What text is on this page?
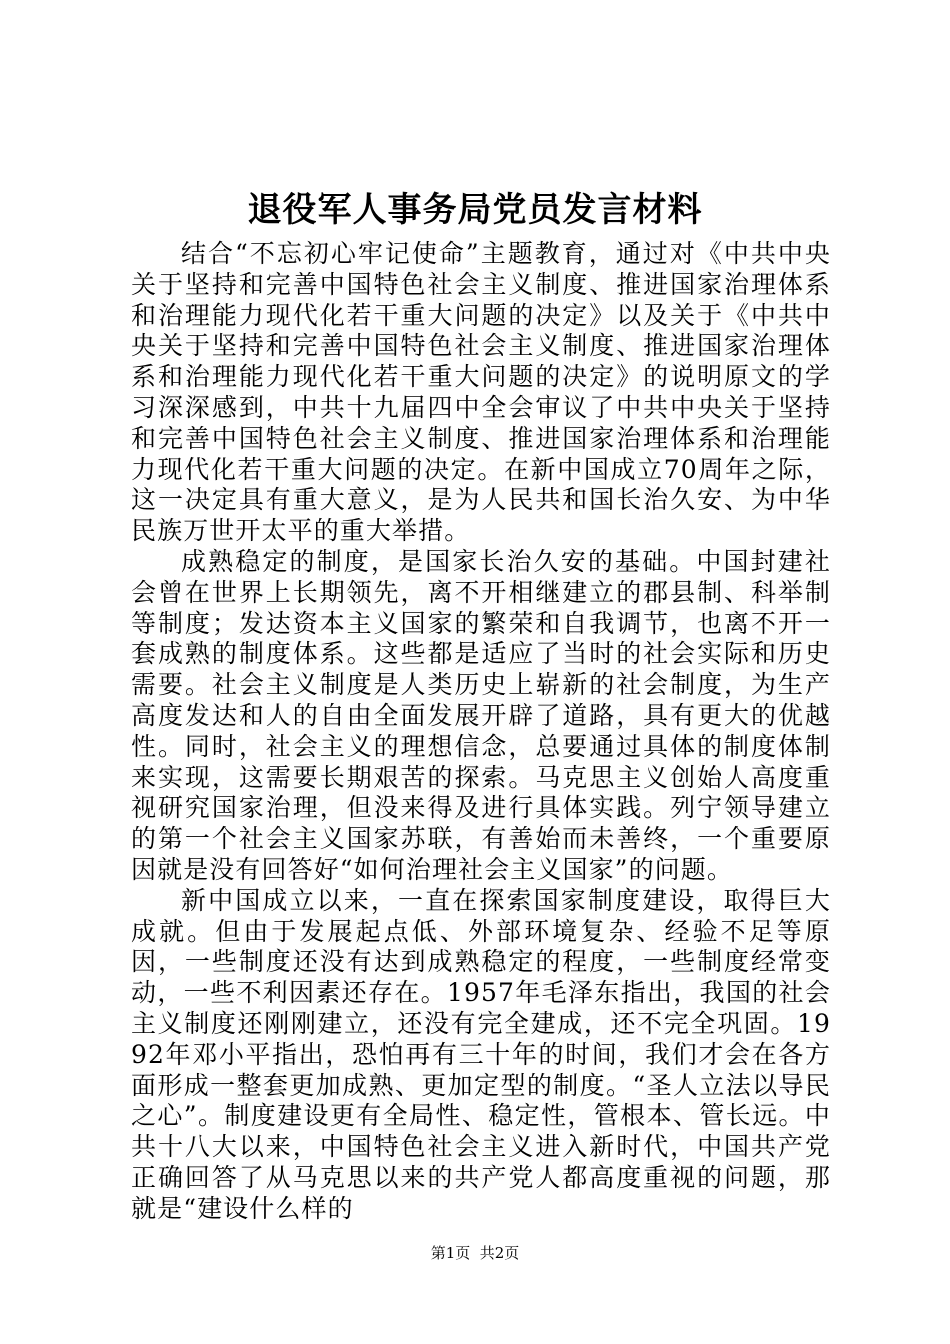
退役军人事务局党员发言材料

结合“不忘初心牢记使命”主题教育，通过对《中共中央关于坚持和完善中国特色社会主义制度、推进国家治理体系和治理能力现代化若干重大问题的决定》以及关于《中共中央关于坚持和完善中国特色社会主义制度、推进国家治理体系和治理能力现代化若干重大问题的决定》的说明原文的学习深深感到，中共十九届四中全会审议了中共中央关于坚持和完善中国特色社会主义制度、推进国家治理体系和治理能力现代化若干重大问题的决定。在新中国成立70周年之际，这一决定具有重大意义，是为人民共和国长治久安、为中华民族万世开太平的重大举措。

成熟稳定的制度，是国家长治久安的基础。中国封建社会曾在世界上长期领先，离不开相继建立的郡县制、科举制等制度；发达资本主义国家的繁荣和自我调节，也离不开一套成熟的制度体系。这些都是适应了当时的社会实际和历史需要。社会主义制度是人类历史上崭新的社会制度，为生产高度发达和人的自由全面发展开辟了道路，具有更大的优越性。同时，社会主义的理想信念，总要通过具体的制度体制来实现，这需要长期艰苦的探索。马克思主义创始人高度重视研究国家治理，但没来得及进行具体实践。列宁领导建立的第一个社会主义国家苏联，有善始而未善终，一个重要原因就是没有回答好“如何治理社会主义国家”的问题。

新中国成立以来，一直在探索国家制度建设，取得巨大成就。但由于发展起点低、外部环境复杂、经验不足等原因，一些制度还没有达到成熟稳定的程度，一些制度经常变动，一些不利因素还存在。1957年毛泽东指出，我国的社会主义制度还刚刚建立，还没有完全建成，还不完全巩固。1992年邓小平指出，恐怕再有三十年的时间，我们才会在各方面形成一整套更加成熟、更加定型的制度。“圣人立法以导民之心”。制度建设更有全局性、稳定性，管根本、管长远。中共十八大以来，中国特色社会主义进入新时代，中国共产党正确回答了从马克思以来的共产党人都高度重视的问题，那就是“建设什么样的

第1页  共2页
